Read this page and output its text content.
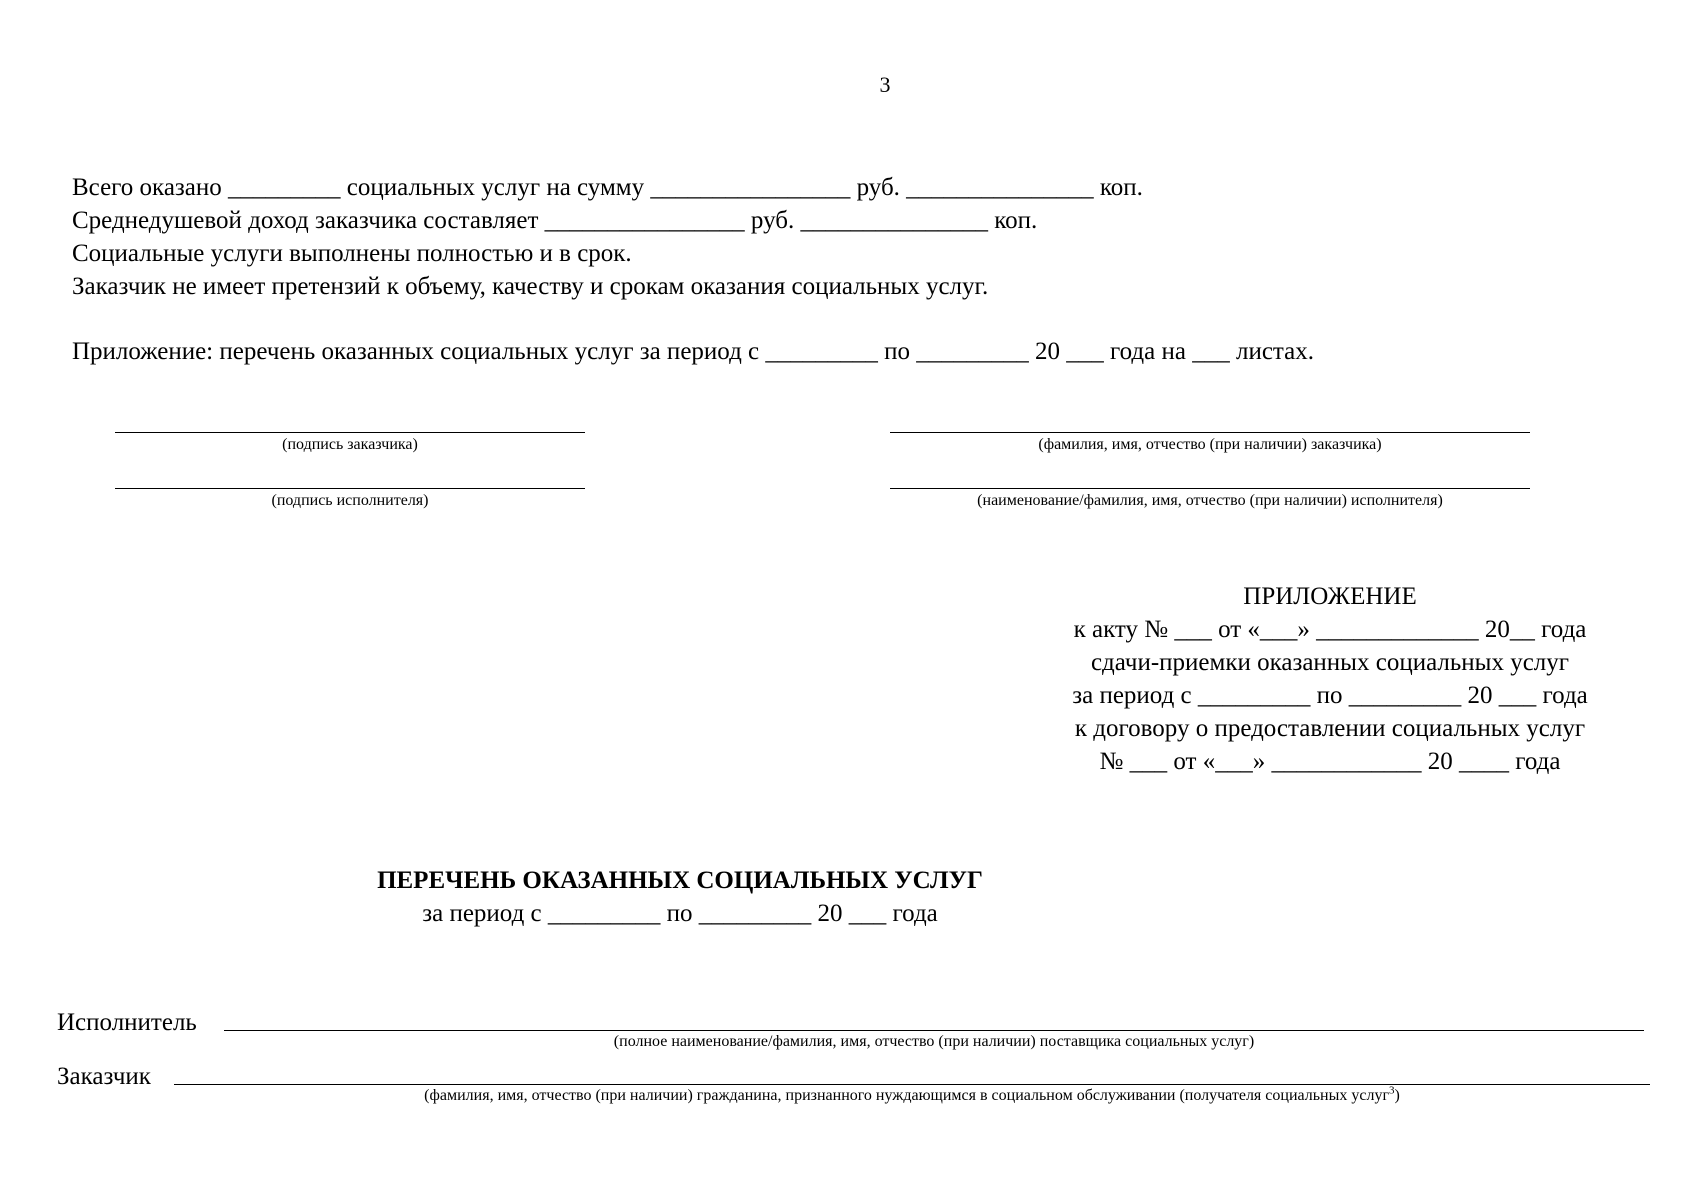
3
Всего оказано _________ социальных услуг на сумму ________________ руб. _______________ коп.
Среднедушевой доход заказчика составляет ________________ руб. _______________ коп.
Социальные услуги выполнены полностью и в срок.
Заказчик не имеет претензий к объему, качеству и срокам оказания социальных услуг.
Приложение: перечень оказанных социальных услуг за период с _________ по _________ 20 ___ года на ___ листах.
(подпись заказчика)	(фамилия, имя, отчество (при наличии) заказчика)
(подпись исполнителя)	(наименование/фамилия, имя, отчество (при наличии) исполнителя)
ПРИЛОЖЕНИЕ
к акту № ___ от «___» _____________ 20__ года
сдачи-приемки оказанных социальных услуг
за период с _________ по _________ 20 ___ года
к договору о предоставлении социальных услуг
№ ___ от «___» ____________ 20 ____ года
ПЕРЕЧЕНЬ ОКАЗАННЫХ СОЦИАЛЬНЫХ УСЛУГ
за период с _________ по _________ 20 ___ года
Исполнитель
(полное наименование/фамилия, имя, отчество (при наличии) поставщика социальных услуг)
Заказчик
(фамилия, имя, отчество (при наличии) гражданина, признанного нуждающимся в социальном обслуживании (получателя социальных услуг$^3$)
